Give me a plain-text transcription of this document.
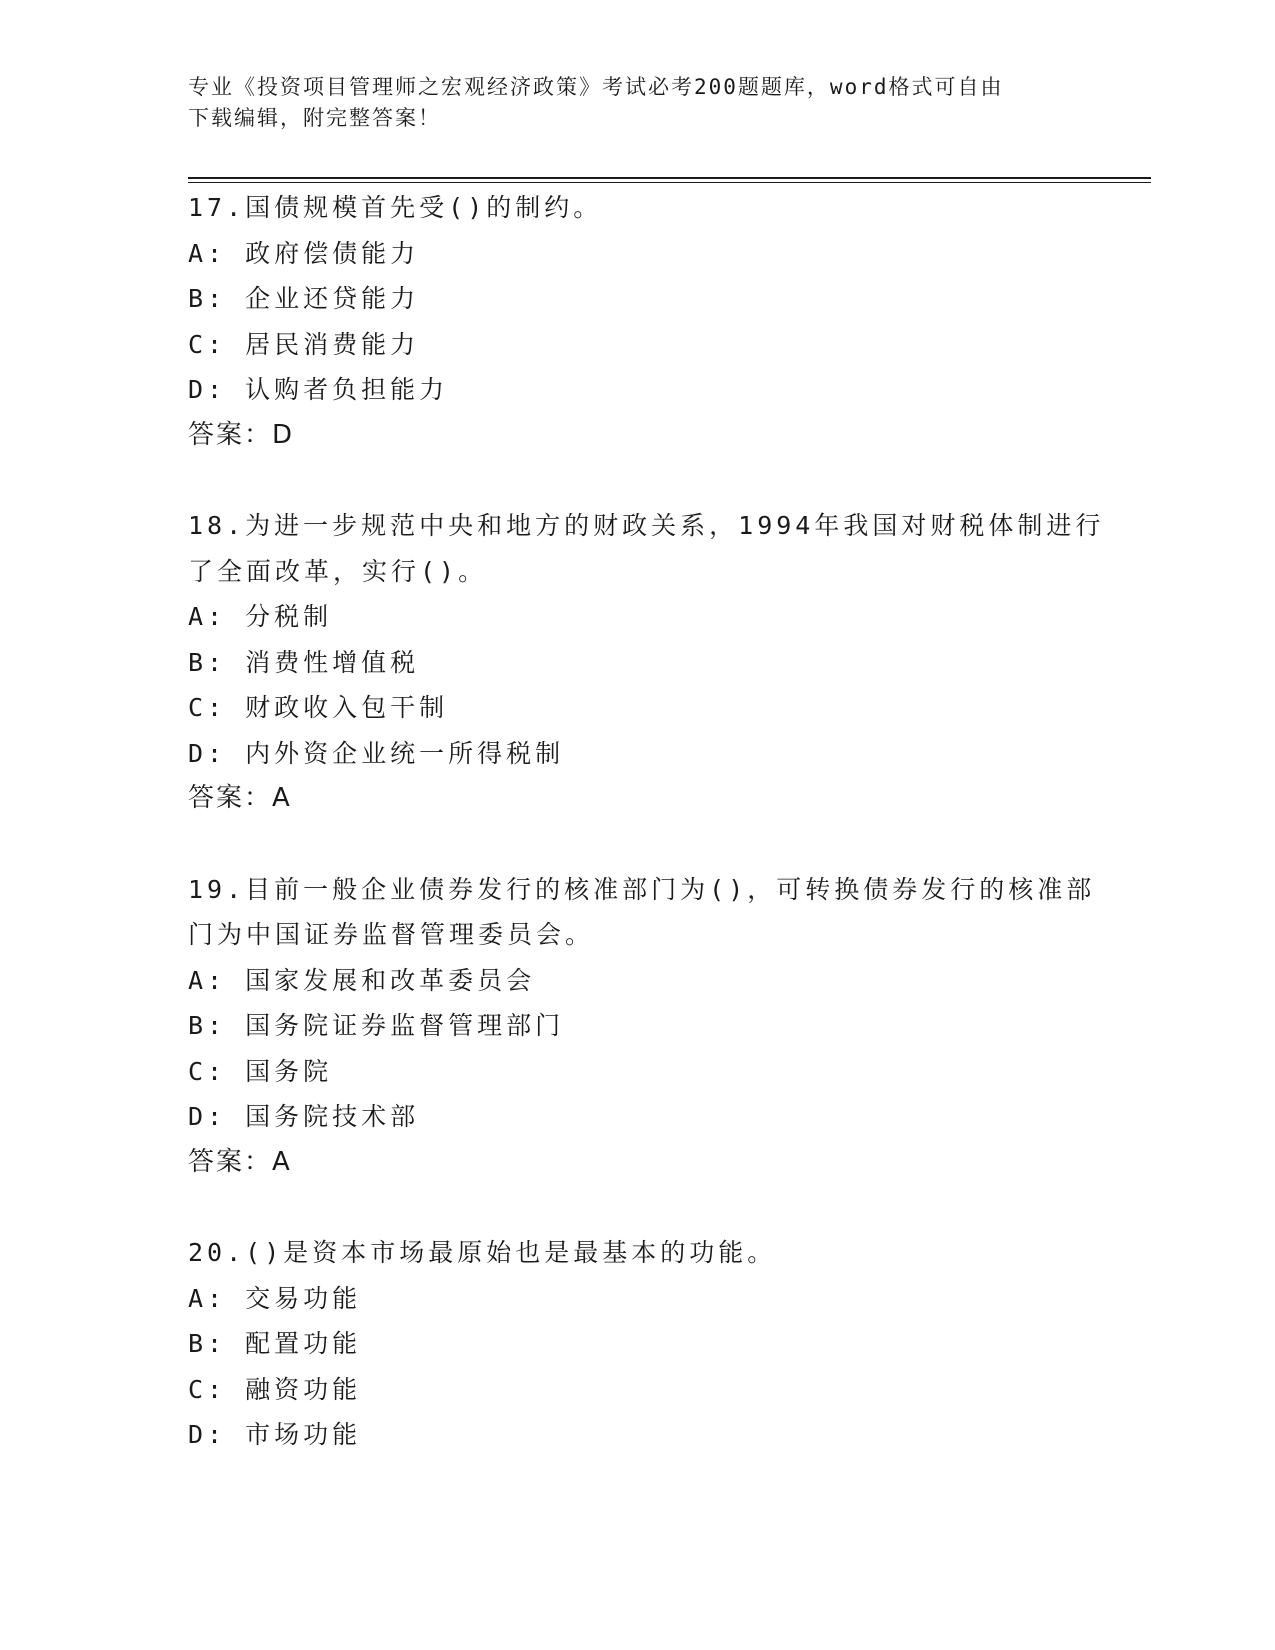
专业《投资项目管理师之宏观经济政策》考试必考200题题库，word格式可自由
下载编辑，附完整答案！
17.国债规模首先受()的制约。
A: 政府偿债能力
B: 企业还贷能力
C: 居民消费能力
D: 认购者负担能力
答案：D
18.为进一步规范中央和地方的财政关系，1994年我国对财税体制进行
了全面改革，实行()。
A: 分税制
B: 消费性增值税
C: 财政收入包干制
D: 内外资企业统一所得税制
答案：A
19.目前一般企业债券发行的核准部门为()，可转换债券发行的核准部
门为中国证券监督管理委员会。
A: 国家发展和改革委员会
B: 国务院证券监督管理部门
C: 国务院
D: 国务院技术部
答案：A
20.()是资本市场最原始也是最基本的功能。
A: 交易功能
B: 配置功能
C: 融资功能
D: 市场功能
